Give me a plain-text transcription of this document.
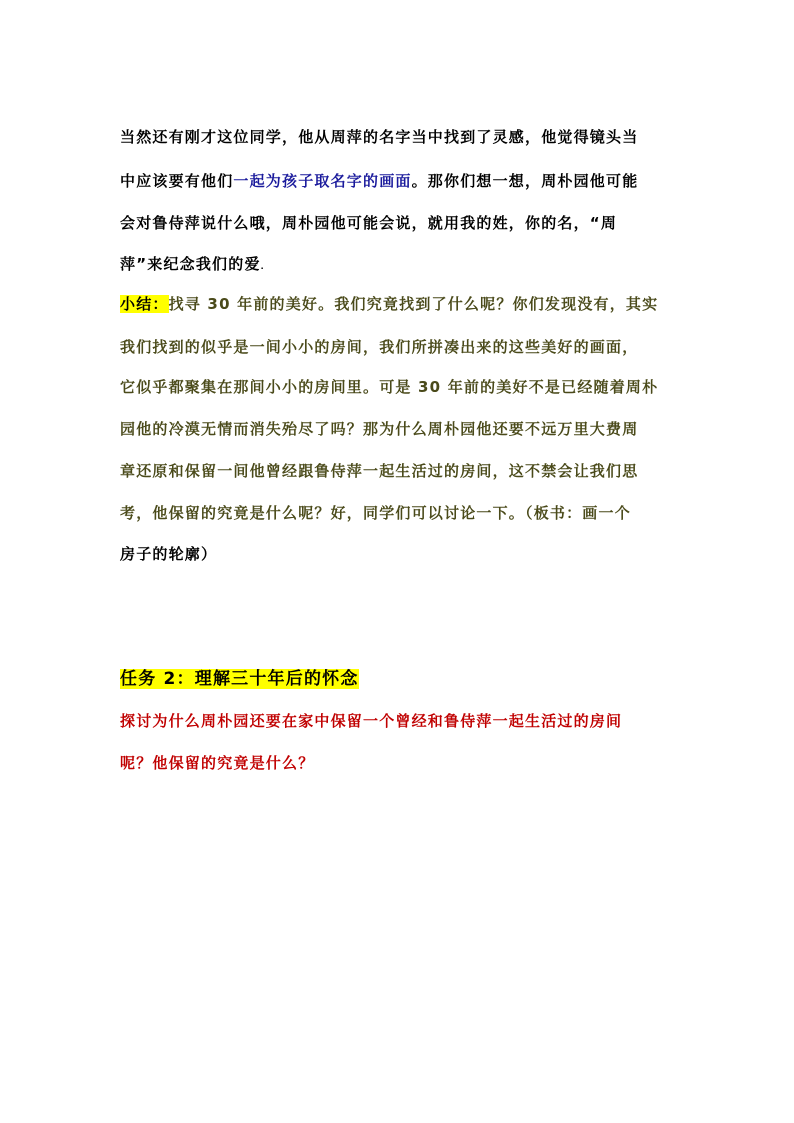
当然还有刚才这位同学，他从周萍的名字当中找到了灵感，他觉得镜头当
中应该要有他们一起为孩子取名字的画面。那你们想一想，周朴园他可能
会对鲁侍萍说什么哦，周朴园他可能会说，就用我的姓，你的名，“周
萍”来纪念我们的爱.
小结：找寻 30 年前的美好。我们究竟找到了什么呢？你们发现没有，其实
我们找到的似乎是一间小小的房间，我们所拼凑出来的这些美好的画面，
它似乎都聚集在那间小小的房间里。可是 30 年前的美好不是已经随着周朴
园他的冷漠无情而消失殆尽了吗？那为什么周朴园他还要不远万里大费周
章还原和保留一间他曾经跟鲁侍萍一起生活过的房间，这不禁会让我们思
考，他保留的究竟是什么呢？好，同学们可以讨论一下。（板书：画一个
房子的轮廓）
任务 2：理解三十年后的怀念
探讨为什么周朴园还要在家中保留一个曾经和鲁侍萍一起生活过的房间
呢？他保留的究竟是什么？
